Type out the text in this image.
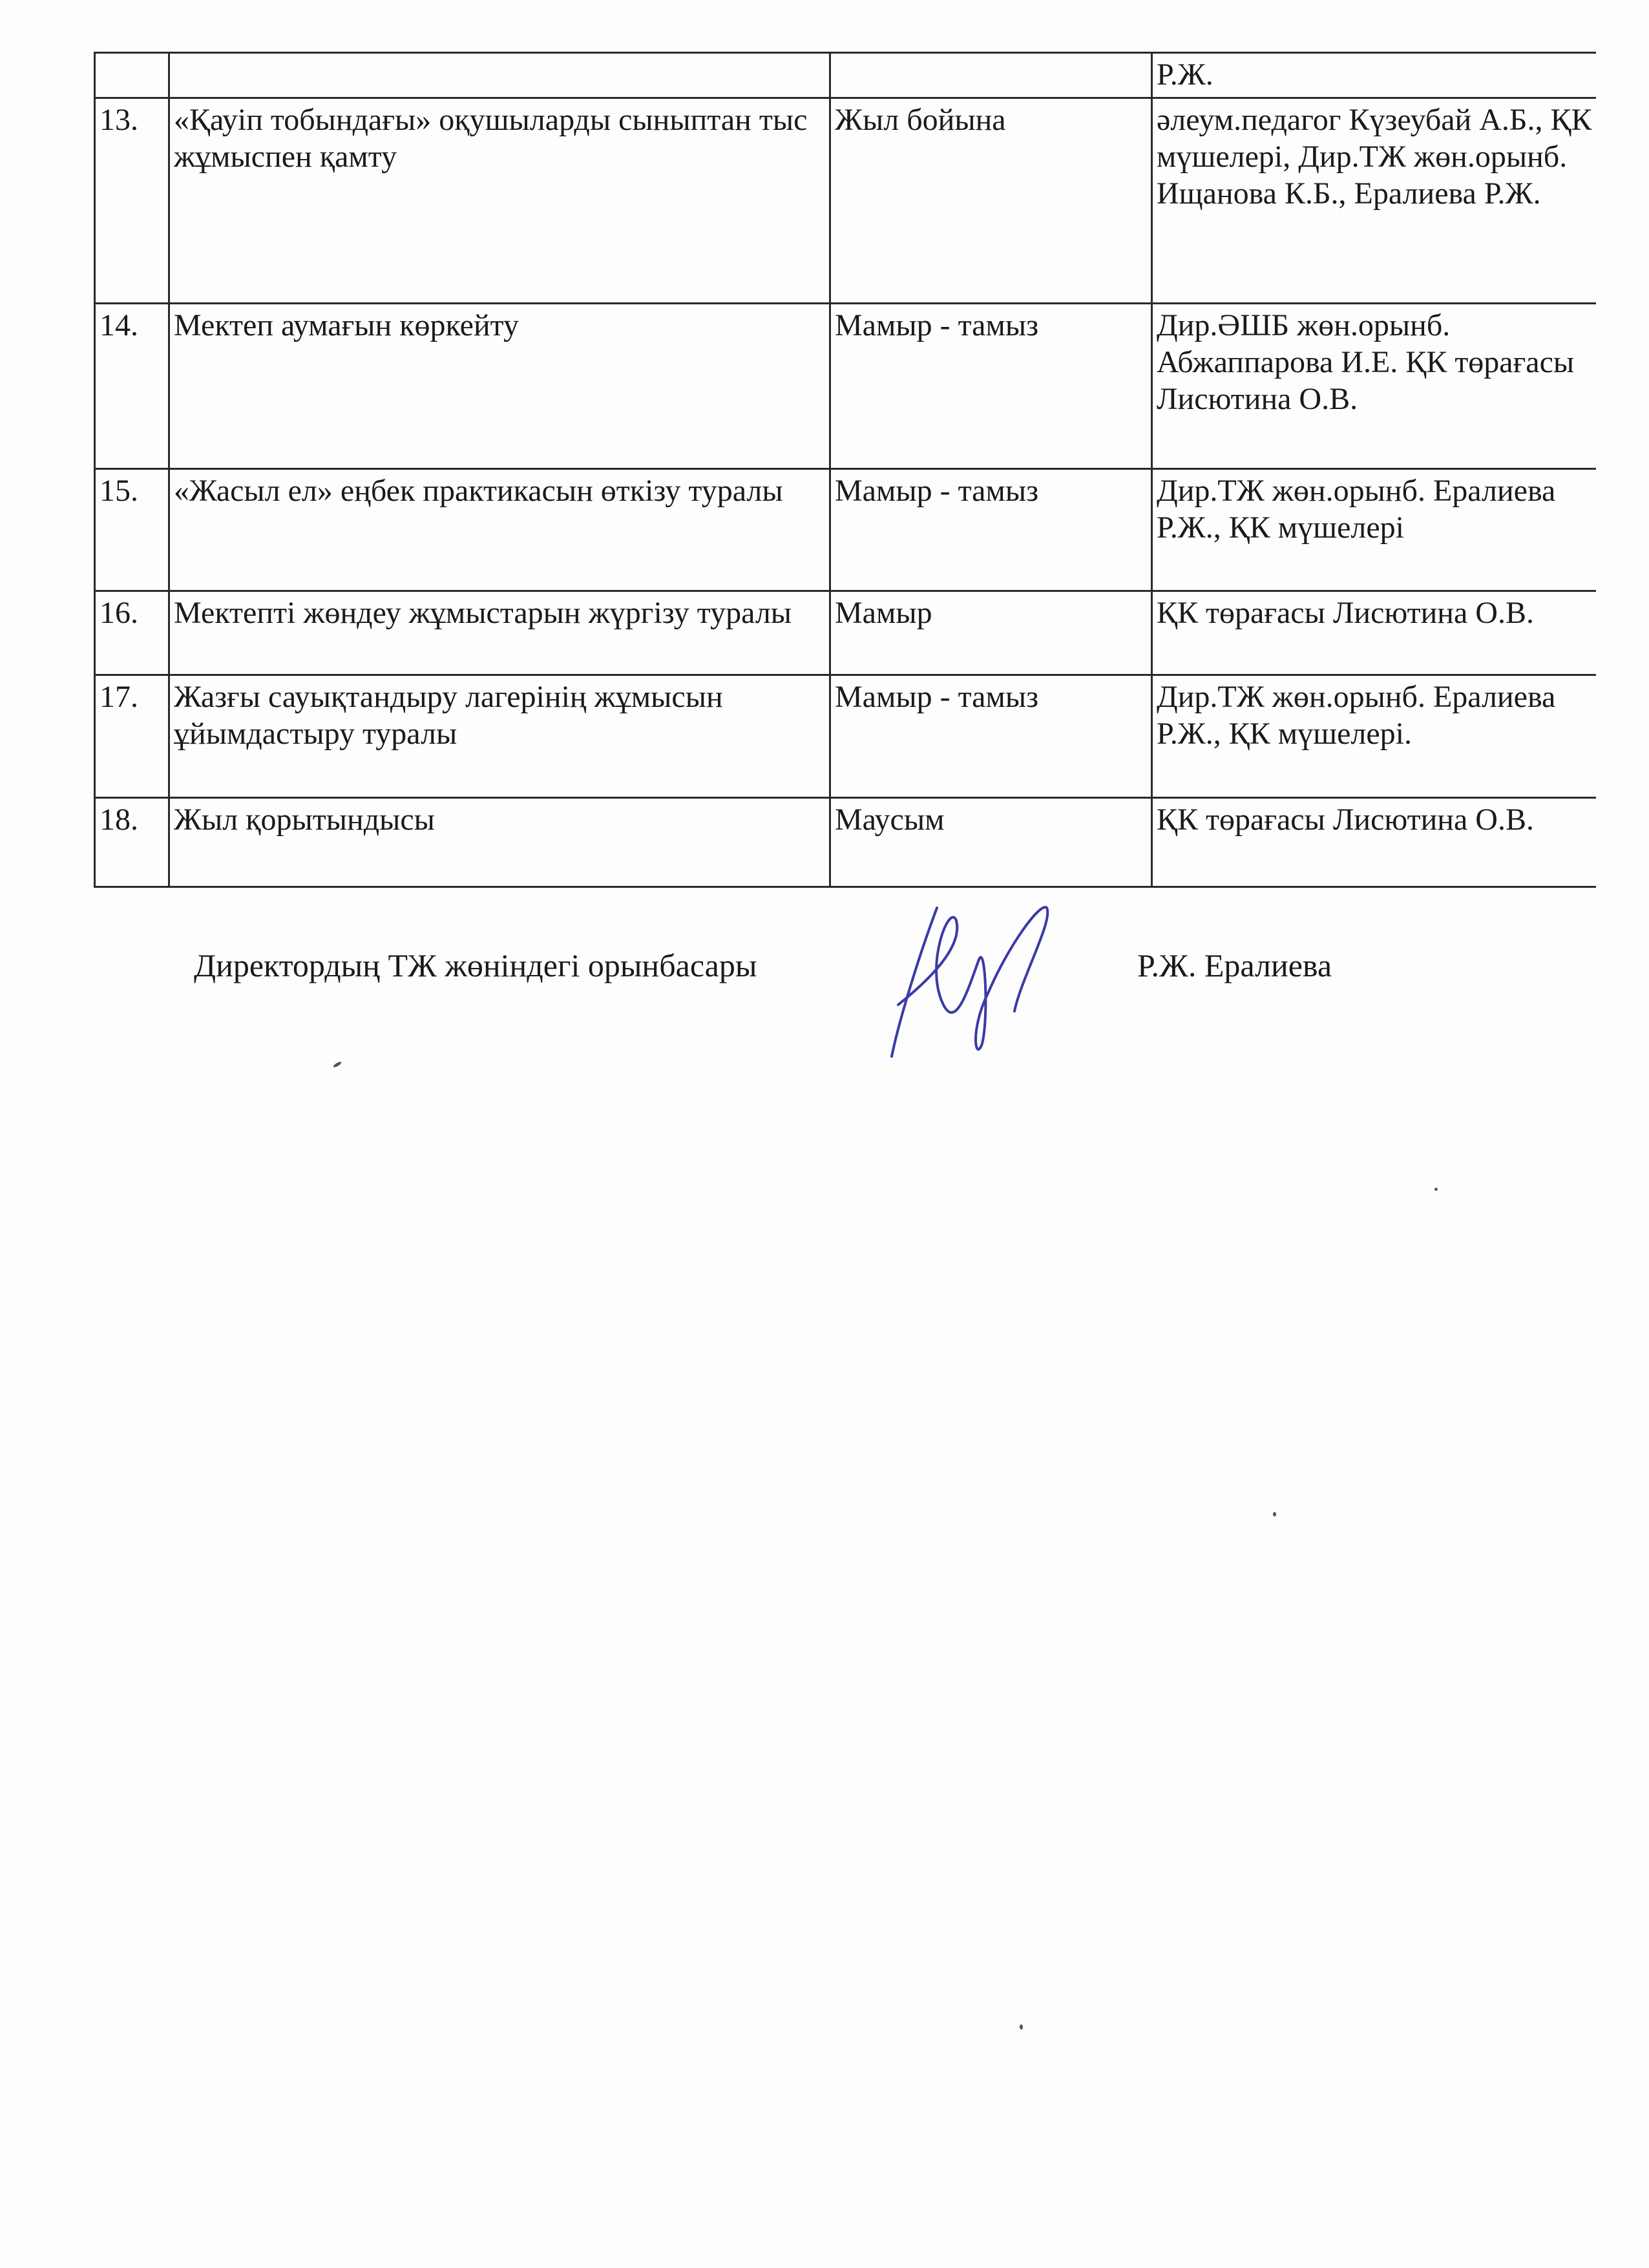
			Р.Ж.
13.	«Қауіп тобындағы» оқушыларды сыныптан тыс жұмыспен қамту	Жыл бойына	әлеум.педагог Күзеубай А.Б., ҚК мүшелері, Дир.ТЖ жөн.орынб. Ищанова К.Б., Ералиева Р.Ж.
14.	Мектеп аумағын көркейту	Мамыр - тамыз	Дир.ӘШБ жөн.орынб. Абжаппарова И.Е. ҚК төрағасы Лисютина О.В.
15.	«Жасыл ел» еңбек практикасын өткізу туралы	Мамыр - тамыз	Дир.ТЖ жөн.орынб. Ералиева Р.Ж., ҚК мүшелері
16.	Мектепті жөндеу жұмыстарын жүргізу туралы	Мамыр	ҚК төрағасы Лисютина О.В.
17.	Жазғы сауықтандыру лагерінің жұмысын ұйымдастыру туралы	Мамыр - тамыз	Дир.ТЖ жөн.орынб. Ералиева Р.Ж., ҚК мүшелері.
18.	Жыл қорытындысы	Маусым	ҚК төрағасы Лисютина О.В.
Директордың ТЖ жөніндегі орынбасары	Р.Ж. Ералиева
